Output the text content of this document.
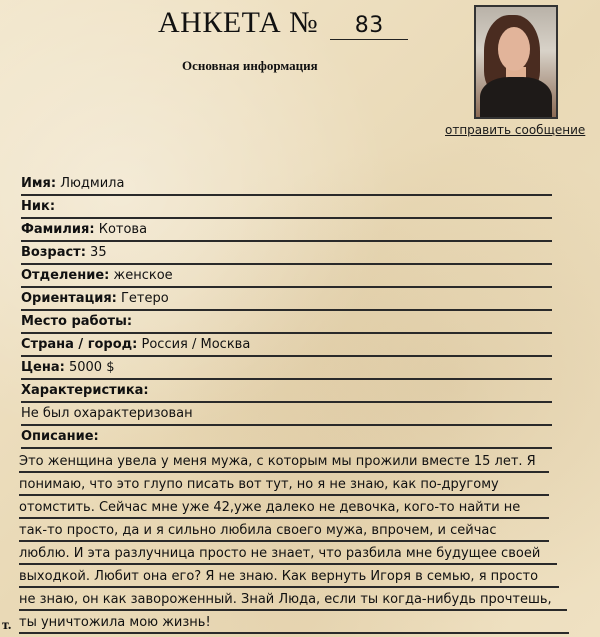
АНКЕТА № 83
Основная информация
отправить сообщение
Имя: Людмила
Ник:
Фамилия: Котова
Возраст: 35
Отделение: женское
Ориентация: Гетеро
Место работы:
Страна / город: Россия / Москва
Цена: 5000 $
Характеристика:
Не был охарактеризован
Описание:
Это женщина увела у меня мужа, с которым мы прожили вместе 15 лет. Я
понимаю, что это глупо писать вот тут, но я не знаю, как по-другому
отомстить. Сейчас мне уже 42,уже далеко не девочка, кого-то найти не
так-то просто, да и я сильно любила своего мужа, впрочем, и сейчас
люблю. И эта разлучница просто не знает, что разбила мне будущее своей
выходкой. Любит она его? Я не знаю. Как вернуть Игоря в семью, я просто
не знаю, он как завороженный. Знай Люда, если ты когда-нибудь прочтешь,
ты уничтожила мою жизнь!
т.
